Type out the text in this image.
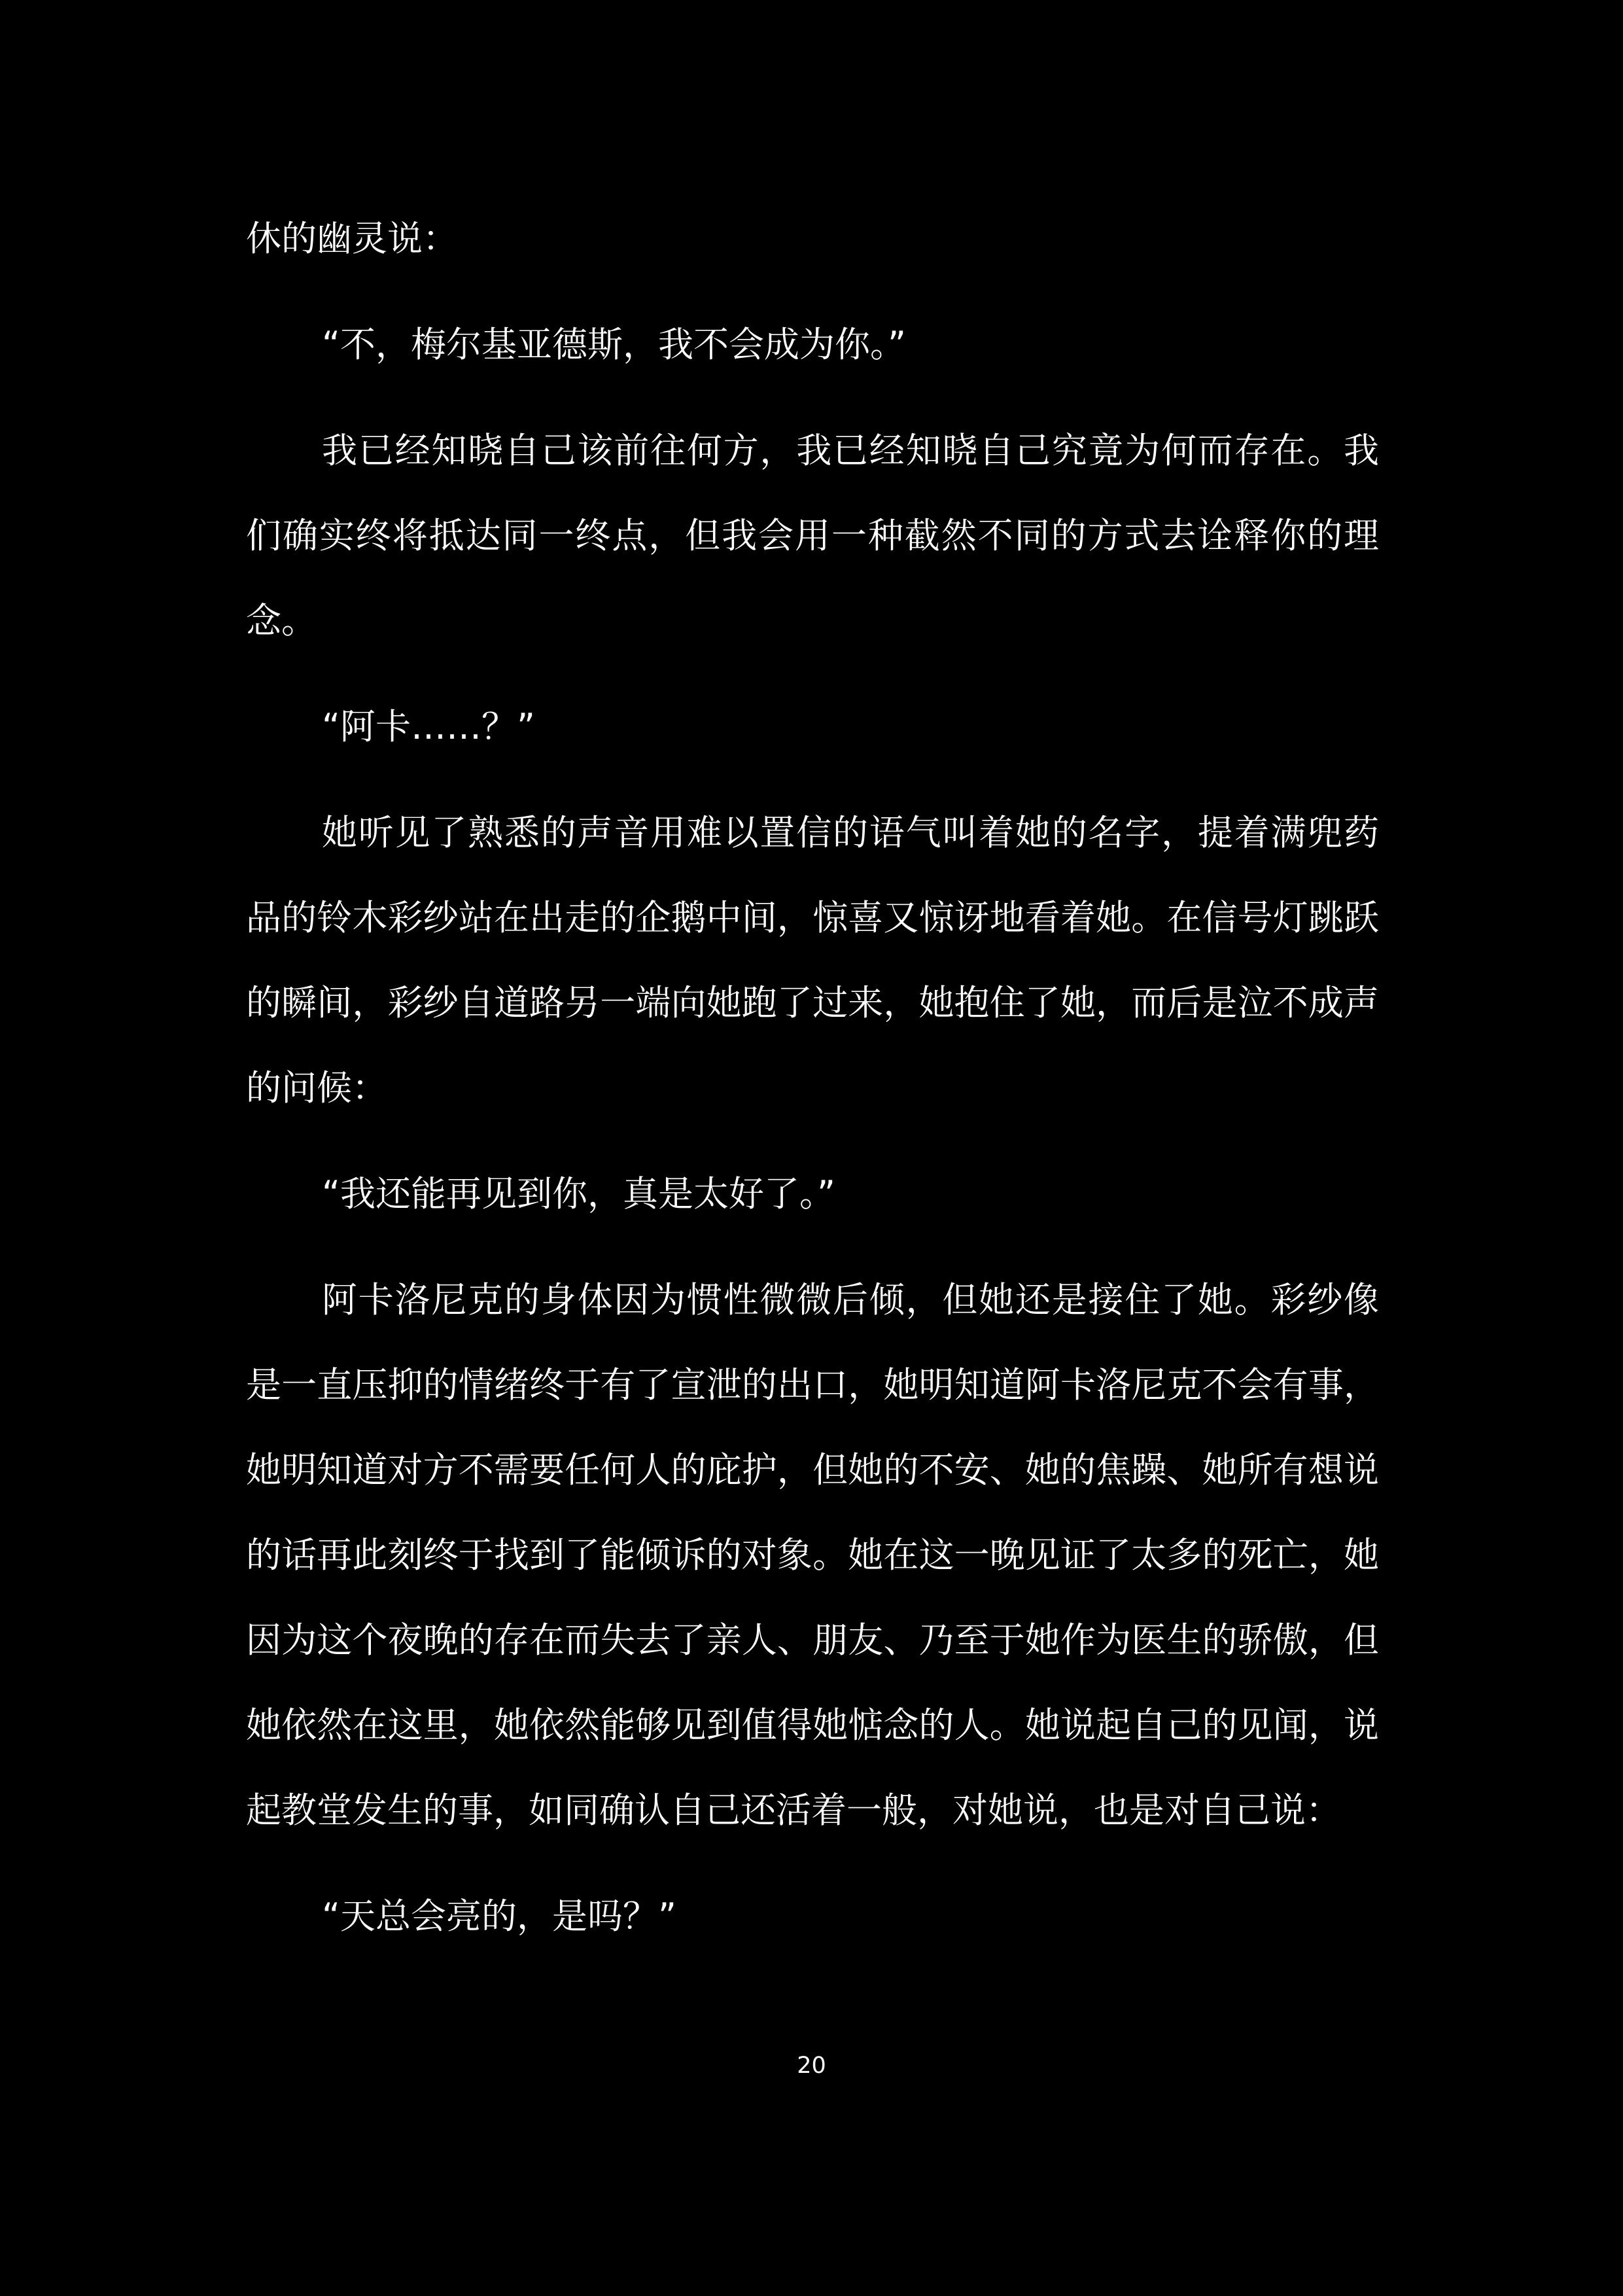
休的幽灵说：

“不，梅尔基亚德斯，我不会成为你。”

我已经知晓自己该前往何方，我已经知晓自己究竟为何而存在。我们确实终将抵达同一终点，但我会用一种截然不同的方式去诠释你的理念。

“阿卡……？”

她听见了熟悉的声音用难以置信的语气叫着她的名字，提着满兜药品的铃木彩纱站在出走的企鹅中间，惊喜又惊讶地看着她。在信号灯跳跃的瞬间，彩纱自道路另一端向她跑了过来，她抱住了她，而后是泣不成声的问候：

“我还能再见到你，真是太好了。”

阿卡洛尼克的身体因为惯性微微后倾，但她还是接住了她。彩纱像是一直压抑的情绪终于有了宣泄的出口，她明知道阿卡洛尼克不会有事，她明知道对方不需要任何人的庇护，但她的不安、她的焦躁、她所有想说的话再此刻终于找到了能倾诉的对象。她在这一晚见证了太多的死亡，她因为这个夜晚的存在而失去了亲人、朋友、乃至于她作为医生的骄傲，但她依然在这里，她依然能够见到值得她惦念的人。她说起自己的见闻，说起教堂发生的事，如同确认自己还活着一般，对她说，也是对自己说：

“天总会亮的，是吗？”

20
